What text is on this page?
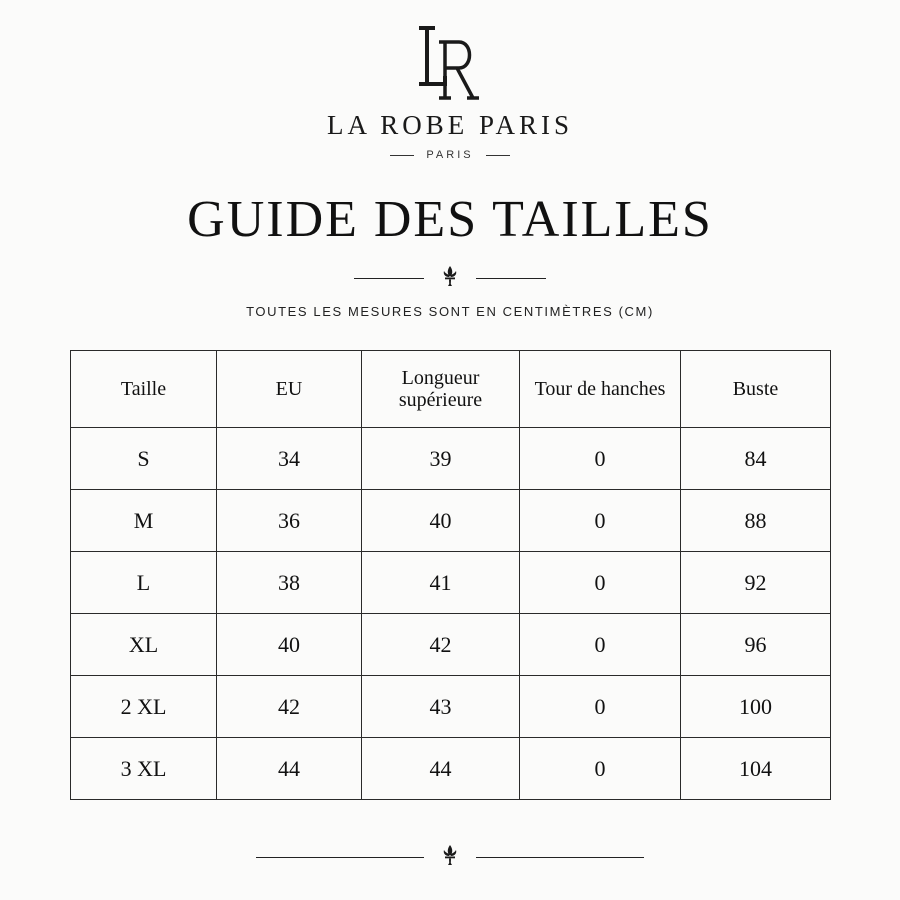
LA ROBE PARIS
PARIS
GUIDE DES TAILLES

TOUTES LES MESURES SONT EN CENTIMÈTRES (CM)
Taille	EU	Longueur supérieure	Tour de hanches	Buste
S	34	39	0	84
M	36	40	0	88
L	38	41	0	92
XL	40	42	0	96
2 XL	42	43	0	100
3 XL	44	44	0	104
